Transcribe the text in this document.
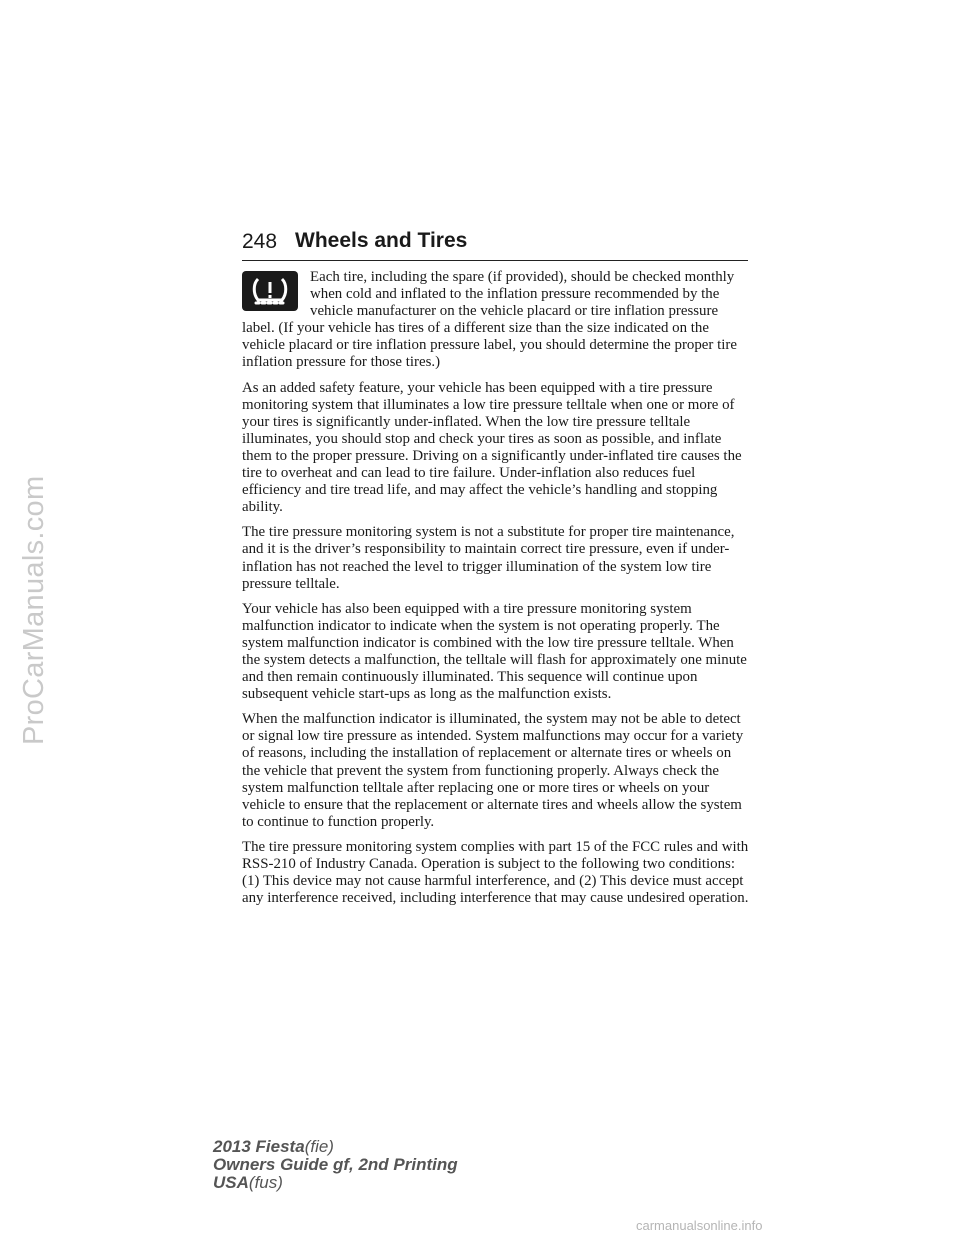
ProCarManuals.com
248 Wheels and Tires

Each tire, including the spare (if provided), should be checked monthly when cold and inflated to the inflation pressure recommended by the vehicle manufacturer on the vehicle placard or tire inflation pressure label. (If your vehicle has tires of a different size than the size indicated on the vehicle placard or tire inflation pressure label, you should determine the proper tire inflation pressure for those tires.)

As an added safety feature, your vehicle has been equipped with a tire pressure monitoring system that illuminates a low tire pressure telltale when one or more of your tires is significantly under-inflated. When the low tire pressure telltale illuminates, you should stop and check your tires as soon as possible, and inflate them to the proper pressure. Driving on a significantly under-inflated tire causes the tire to overheat and can lead to tire failure. Under-inflation also reduces fuel efficiency and tire tread life, and may affect the vehicle’s handling and stopping ability.

The tire pressure monitoring system is not a substitute for proper tire maintenance, and it is the driver’s responsibility to maintain correct tire pressure, even if under-inflation has not reached the level to trigger illumination of the system low tire pressure telltale.

Your vehicle has also been equipped with a tire pressure monitoring system malfunction indicator to indicate when the system is not operating properly. The system malfunction indicator is combined with the low tire pressure telltale. When the system detects a malfunction, the telltale will flash for approximately one minute and then remain continuously illuminated. This sequence will continue upon subsequent vehicle start-ups as long as the malfunction exists.

When the malfunction indicator is illuminated, the system may not be able to detect or signal low tire pressure as intended. System malfunctions may occur for a variety of reasons, including the installation of replacement or alternate tires or wheels on the vehicle that prevent the system from functioning properly. Always check the system malfunction telltale after replacing one or more tires or wheels on your vehicle to ensure that the replacement or alternate tires and wheels allow the system to continue to function properly.

The tire pressure monitoring system complies with part 15 of the FCC rules and with RSS-210 of Industry Canada. Operation is subject to the following two conditions: (1) This device may not cause harmful interference, and (2) This device must accept any interference received, including interference that may cause undesired operation.

2013 Fiesta(fie)
Owners Guide gf, 2nd Printing
USA(fus)
carmanualsonline.info
